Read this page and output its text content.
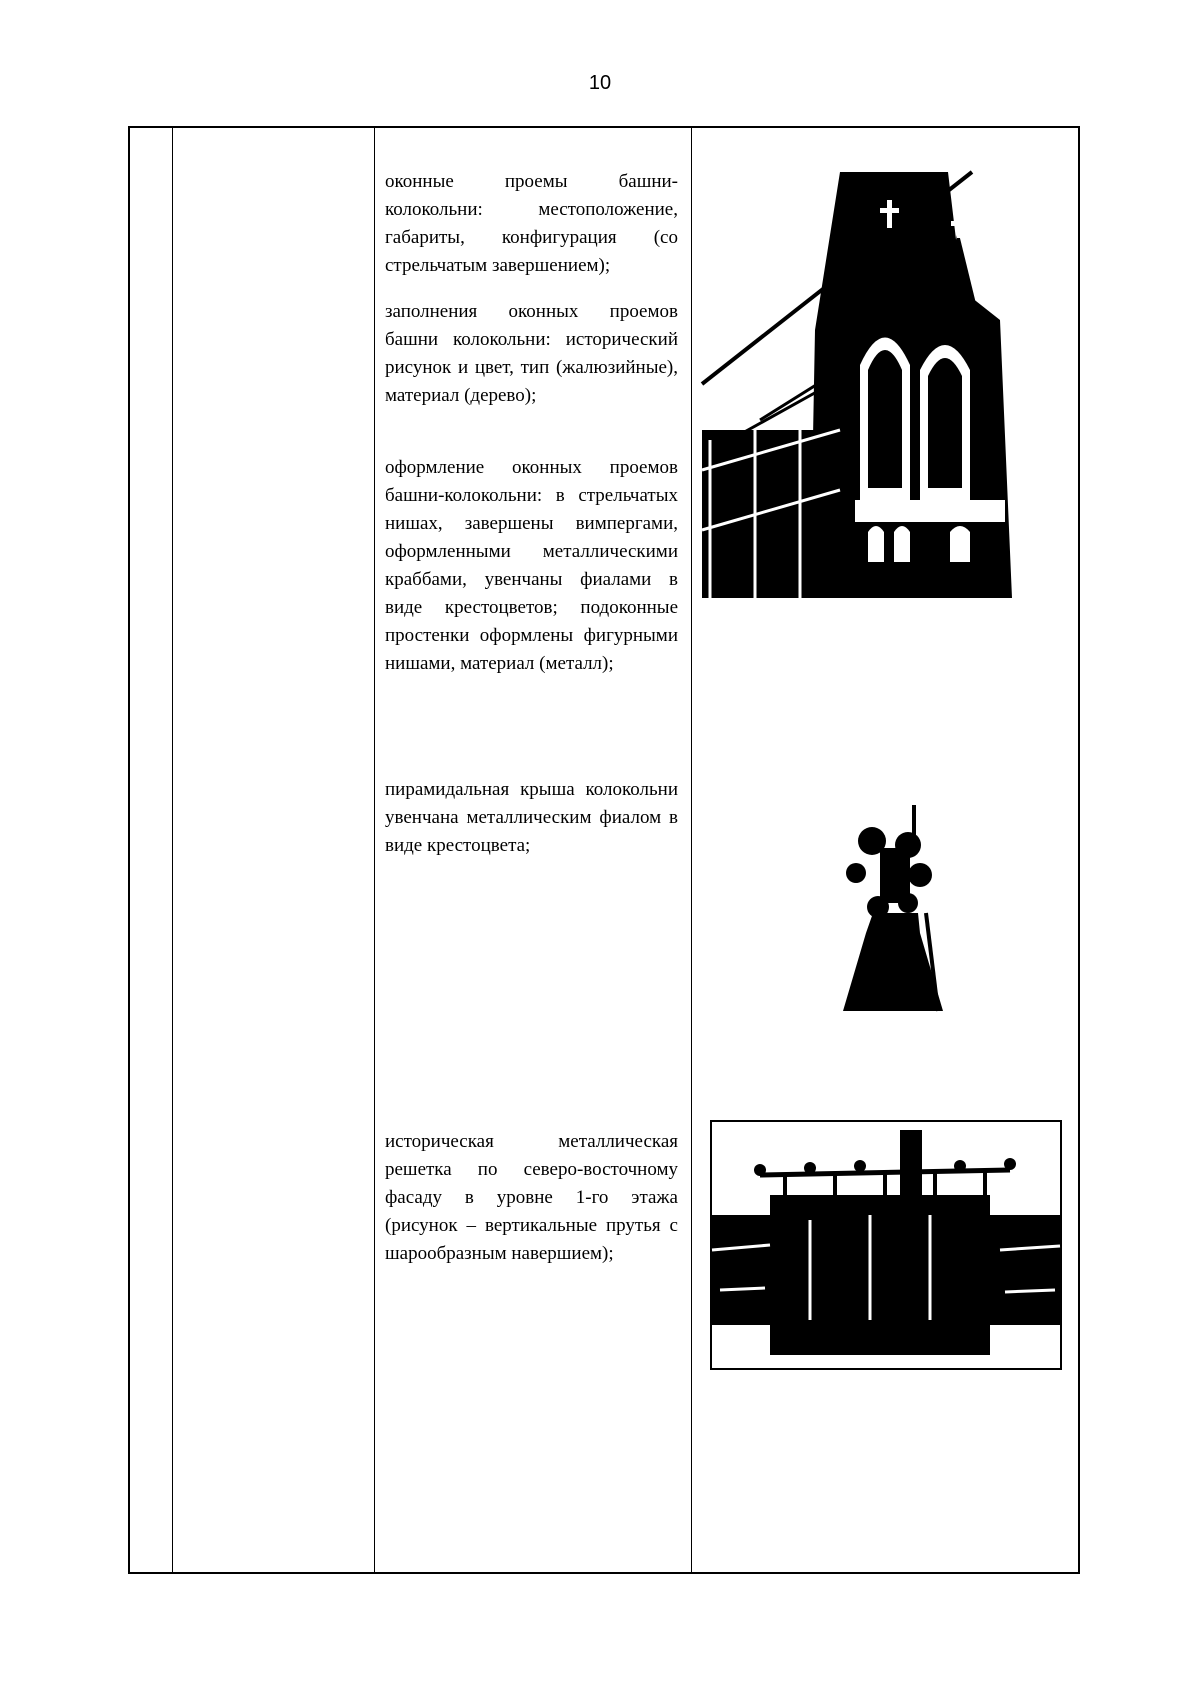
10

оконные проемы башни-колокольни: местоположение, габариты, конфигурация (со стрельчатым завершением);

заполнения оконных проемов башни колокольни: исторический рисунок и цвет, тип (жалюзийные), материал (дерево);

оформление оконных проемов башни-колокольни: в стрельчатых нишах, завершены вимпергами, оформленными металлическими краббами, увенчаны фиалами в виде крестоцветов; подоконные простенки оформлены фигурными нишами, материал (металл);

пирамидальная крыша колокольни увенчана металлическим фиалом в виде крестоцвета;

историческая металлическая решетка по северо-восточному фасаду в уровне 1-го этажа (рисунок – вертикальные прутья с шарообразным навершием);
